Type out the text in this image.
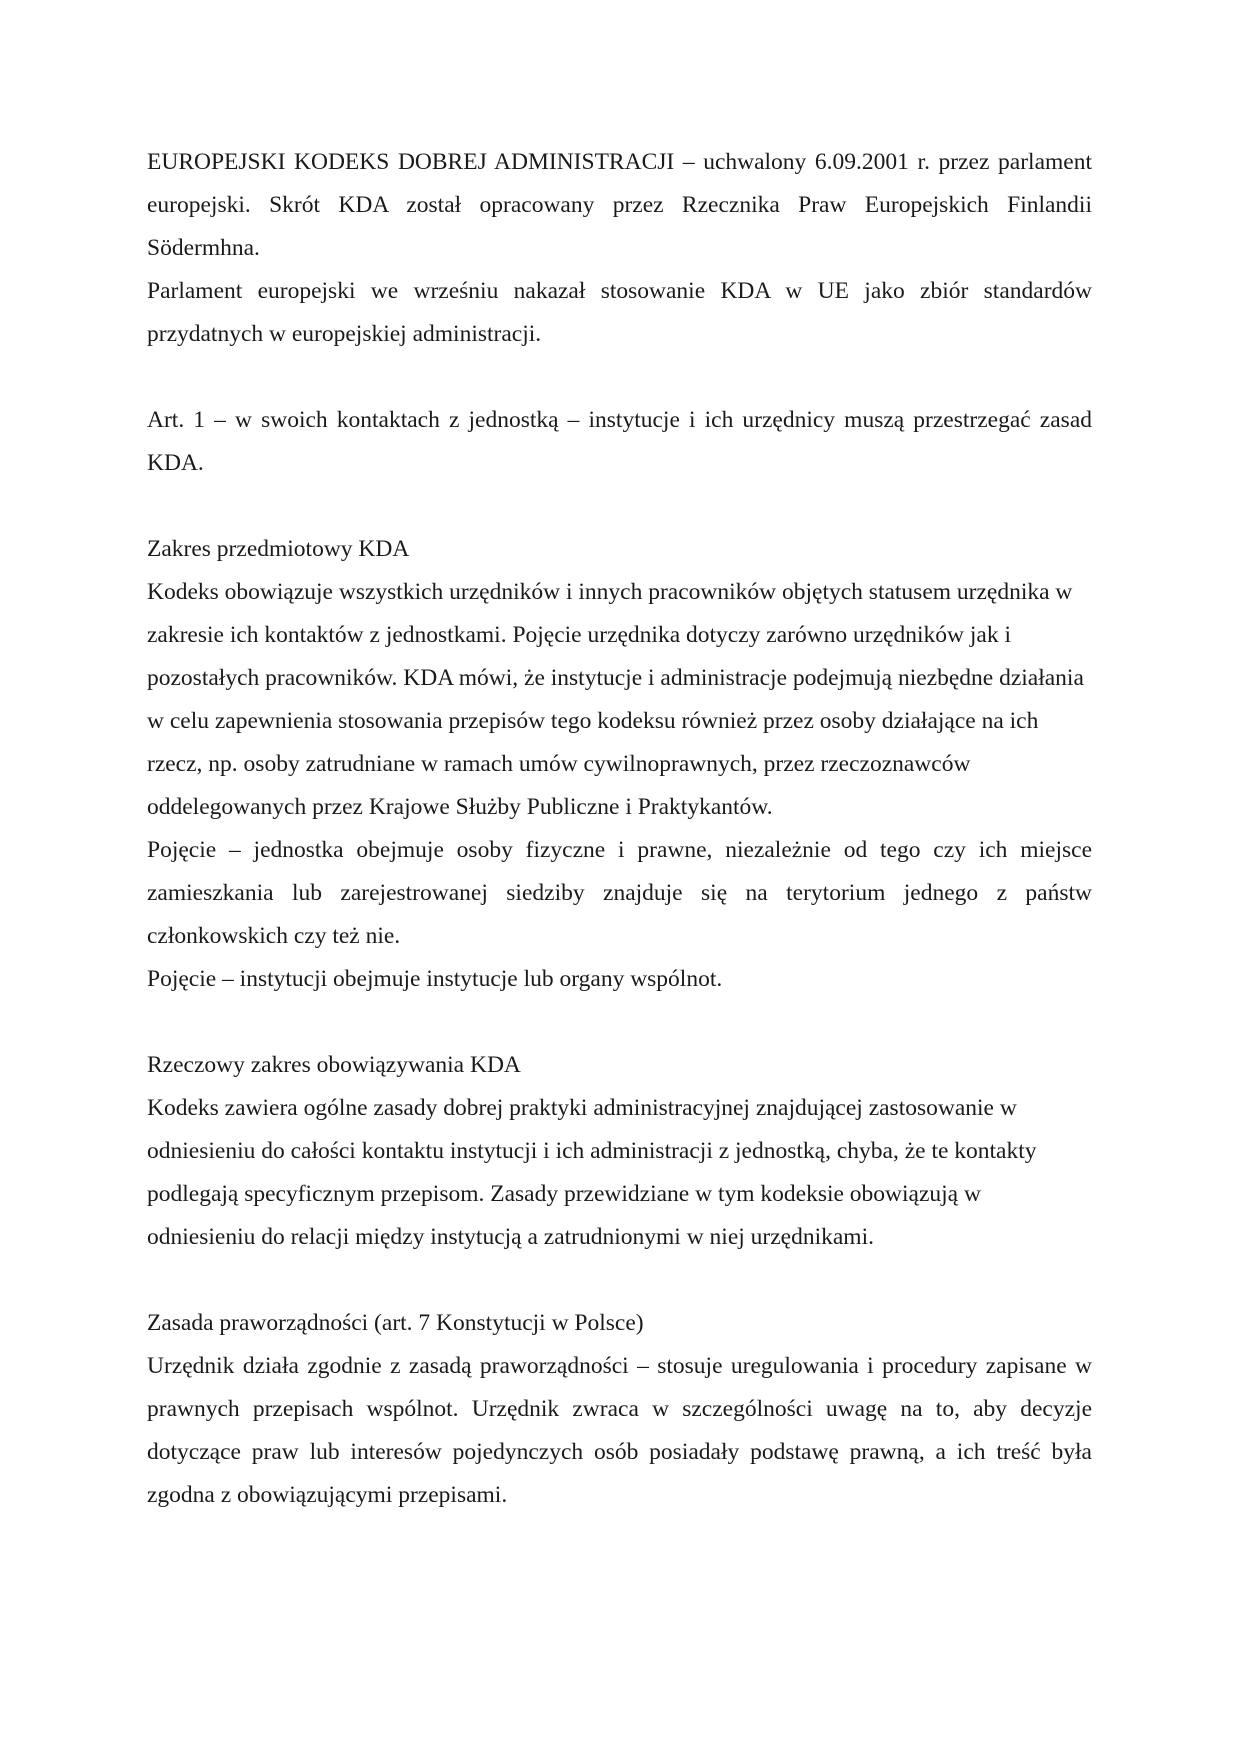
EUROPEJSKI KODEKS DOBREJ ADMINISTRACJI – uchwalony 6.09.2001 r. przez parlament europejski. Skrót KDA został opracowany przez Rzecznika Praw Europejskich Finlandii Södermhna.

Parlament europejski we wrześniu nakazał stosowanie KDA w UE jako zbiór standardów przydatnych w europejskiej administracji.

Art. 1 – w swoich kontaktach z jednostką – instytucje i ich urzędnicy muszą przestrzegać zasad KDA.

Zakres przedmiotowy KDA

Kodeks obowiązuje wszystkich urzędników i innych pracowników objętych statusem urzędnika w zakresie ich kontaktów z jednostkami. Pojęcie urzędnika dotyczy zarówno urzędników jak i pozostałych pracowników. KDA mówi, że instytucje i administracje podejmują niezbędne działania w celu zapewnienia stosowania przepisów tego kodeksu również przez osoby działające na ich rzecz, np. osoby zatrudniane w ramach umów cywilnoprawnych, przez rzeczoznawców oddelegowanych przez Krajowe Służby Publiczne i Praktykantów.

Pojęcie – jednostka obejmuje osoby fizyczne i prawne, niezależnie od tego czy ich miejsce zamieszkania lub zarejestrowanej siedziby znajduje się na terytorium jednego z państw członkowskich czy też nie.

Pojęcie – instytucji obejmuje instytucje lub organy wspólnot.

Rzeczowy zakres obowiązywania KDA

Kodeks zawiera ogólne zasady dobrej praktyki administracyjnej znajdującej zastosowanie w odniesieniu do całości kontaktu instytucji i ich administracji z jednostką, chyba, że te kontakty podlegają specyficznym przepisom. Zasady przewidziane w tym kodeksie obowiązują w odniesieniu do relacji między instytucją a zatrudnionymi w niej urzędnikami.

Zasada praworządności (art. 7 Konstytucji w Polsce)

Urzędnik działa zgodnie z zasadą praworządności – stosuje uregulowania i procedury zapisane w prawnych przepisach wspólnot. Urzędnik zwraca w szczególności uwagę na to, aby decyzje dotyczące praw lub interesów pojedynczych osób posiadały podstawę prawną, a ich treść była zgodna z obowiązującymi przepisami.
